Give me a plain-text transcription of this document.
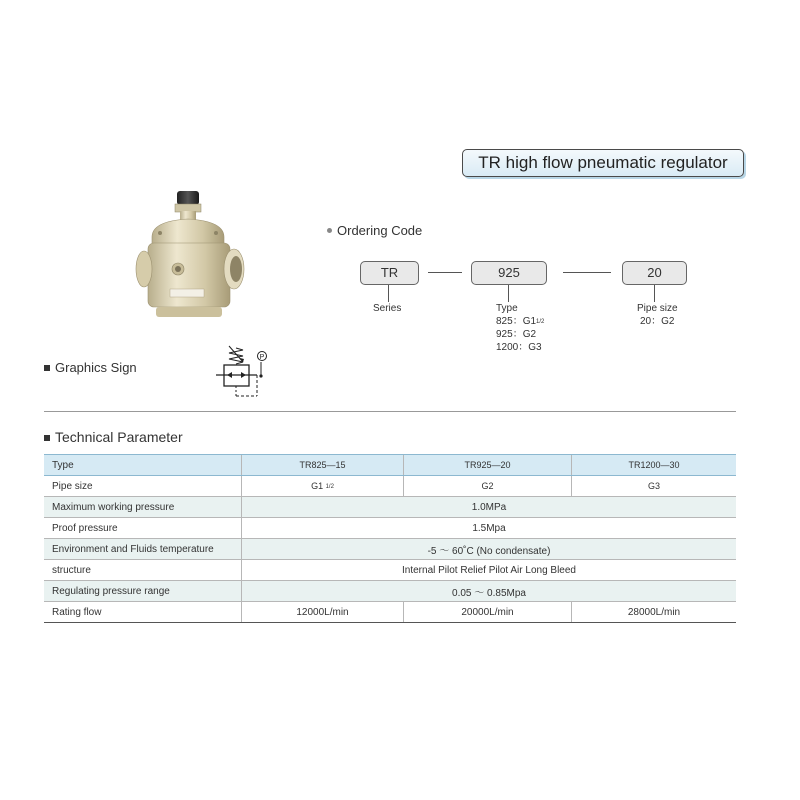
TR high flow pneumatic regulator
Ordering Code
TR	925	20
Series	Type
825：G11/2
925：G2
1200：G3
Pipe size
20：G2
Graphics Sign
P
Technical Parameter
Type	TR825—15	TR925—20	TR1200—30
Pipe size	G1 1/2	G2	G3
Maximum working pressure	1.0MPa		
Proof pressure	1.5Mpa		
Environment and Fluids temperature	-5 ～ 60˚C (No condensate)		
structure	Internal Pilot Relief Pilot Air Long Bleed		
Regulating pressure range	0.05 ～ 0.85Mpa		
Rating flow	12000L/min	20000L/min	28000L/min
